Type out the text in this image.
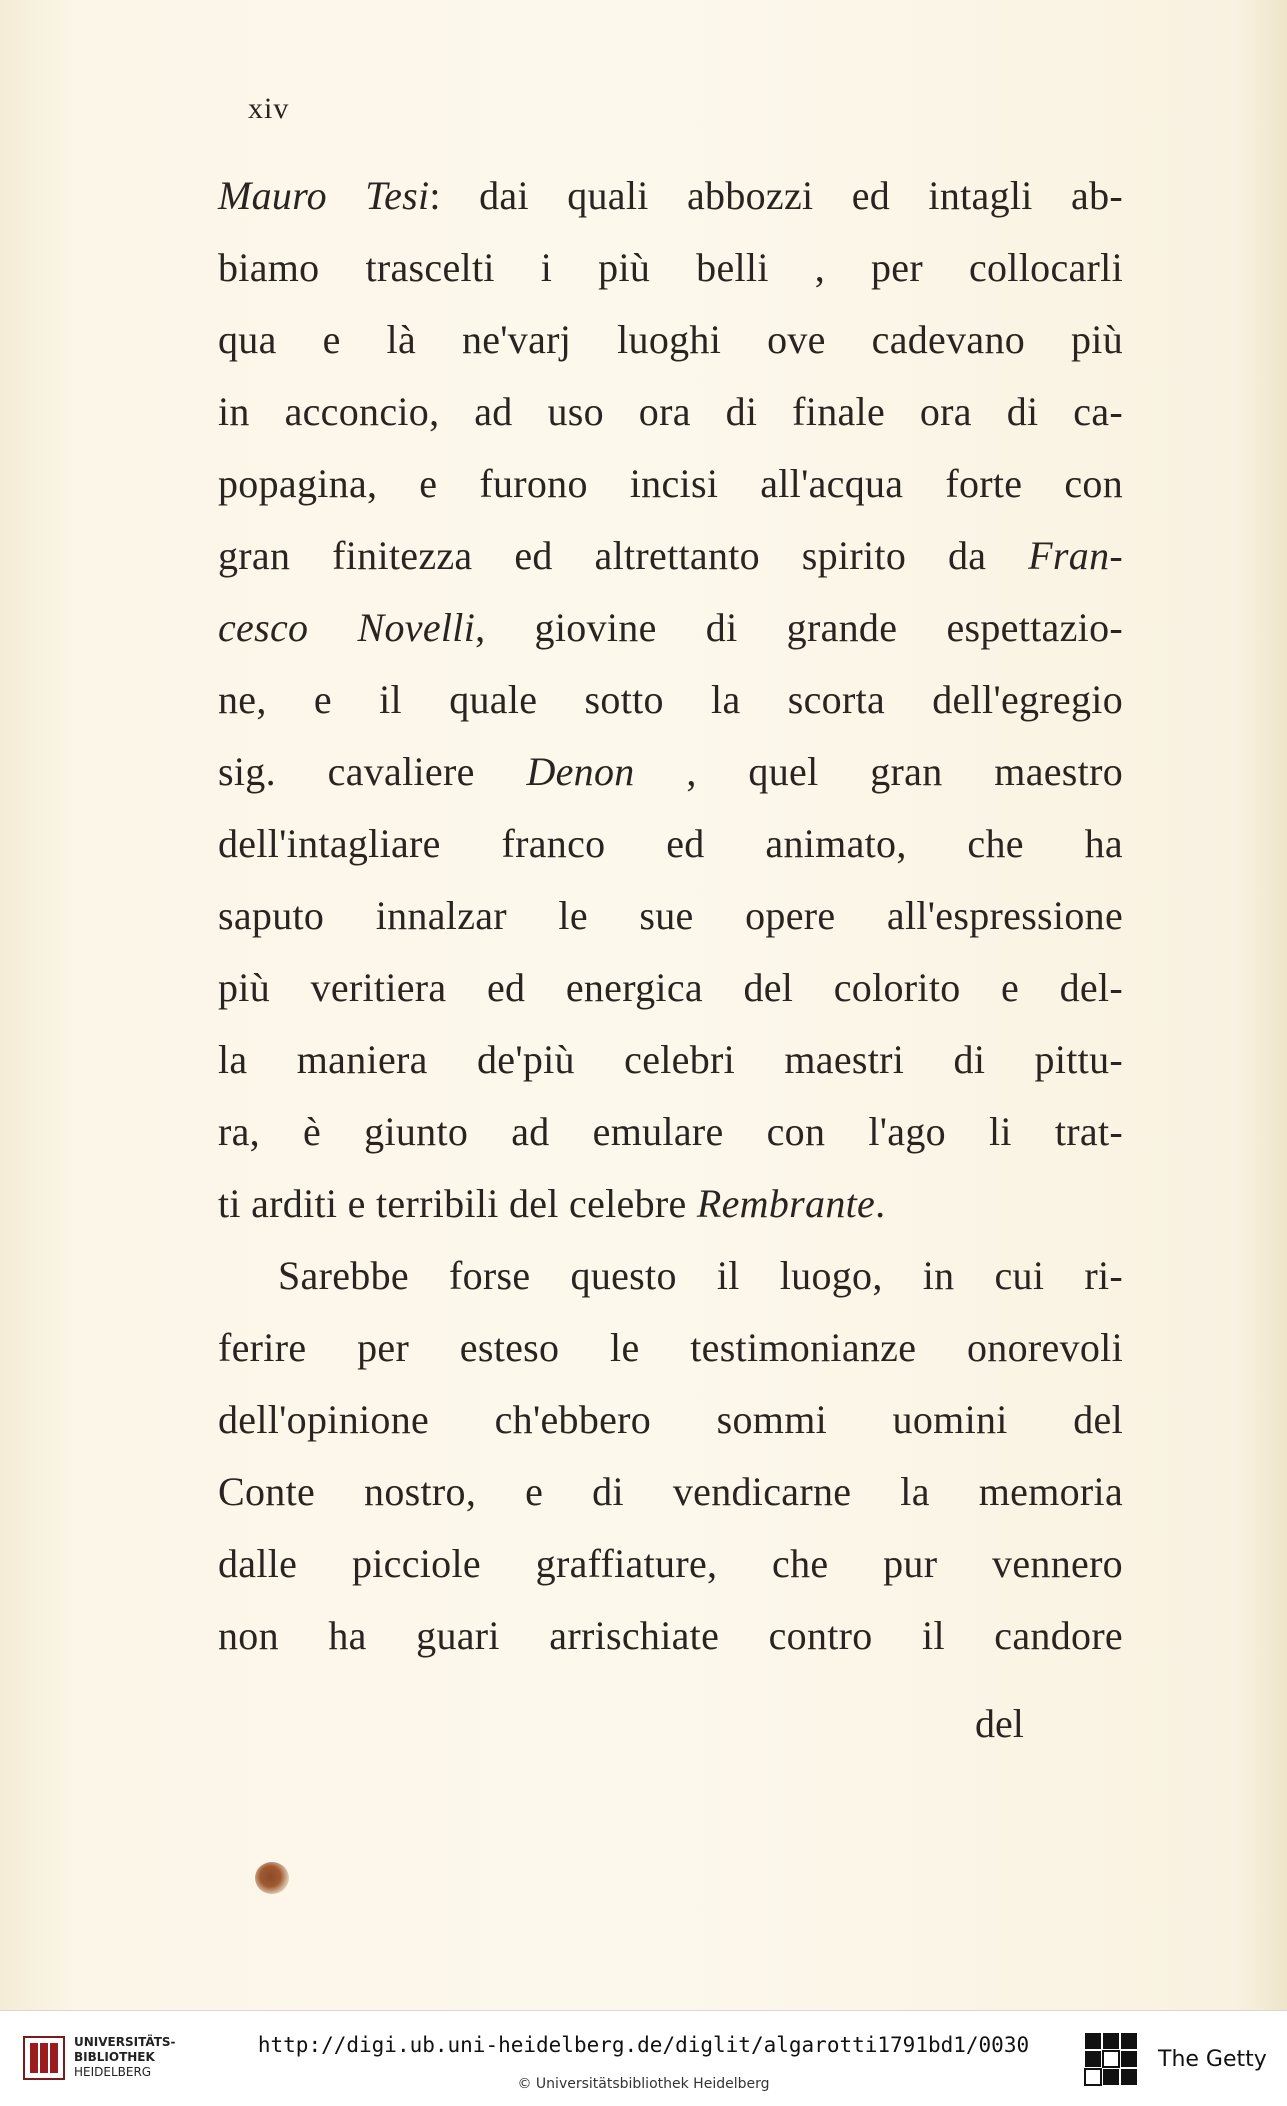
xiv
Mauro Tesi: dai quali abbozzi ed intagli ab-
biamo trascelti i più belli , per collocarli
qua e là ne'varj luoghi ove cadevano più
in acconcio, ad uso ora di finale ora di ca-
popagina, e furono incisi all'acqua forte con
gran finitezza ed altrettanto spirito da Fran-
cesco Novelli, giovine di grande espettazio-
ne, e il quale sotto la scorta dell'egregio
sig. cavaliere Denon , quel gran maestro
dell'intagliare franco ed animato, che ha
saputo innalzar le sue opere all'espressione
più veritiera ed energica del colorito e del-
la maniera de'più celebri maestri di pittu-
ra, è giunto ad emulare con l'ago li trat-
ti arditi e terribili del celebre Rembrante.
Sarebbe forse questo il luogo, in cui ri-
ferire per esteso le testimonianze onorevoli
dell'opinione ch'ebbero sommi uomini del
Conte nostro, e di vendicarne la memoria
dalle picciole graffiature, che pur vennero
non ha guari arrischiate contro il candore
del
UNIVERSITÄTS-
BIBLIOTHEK
HEIDELBERG
http://digi.ub.uni-heidelberg.de/diglit/algarotti1791bd1/0030
© Universitätsbibliothek Heidelberg
The Getty
